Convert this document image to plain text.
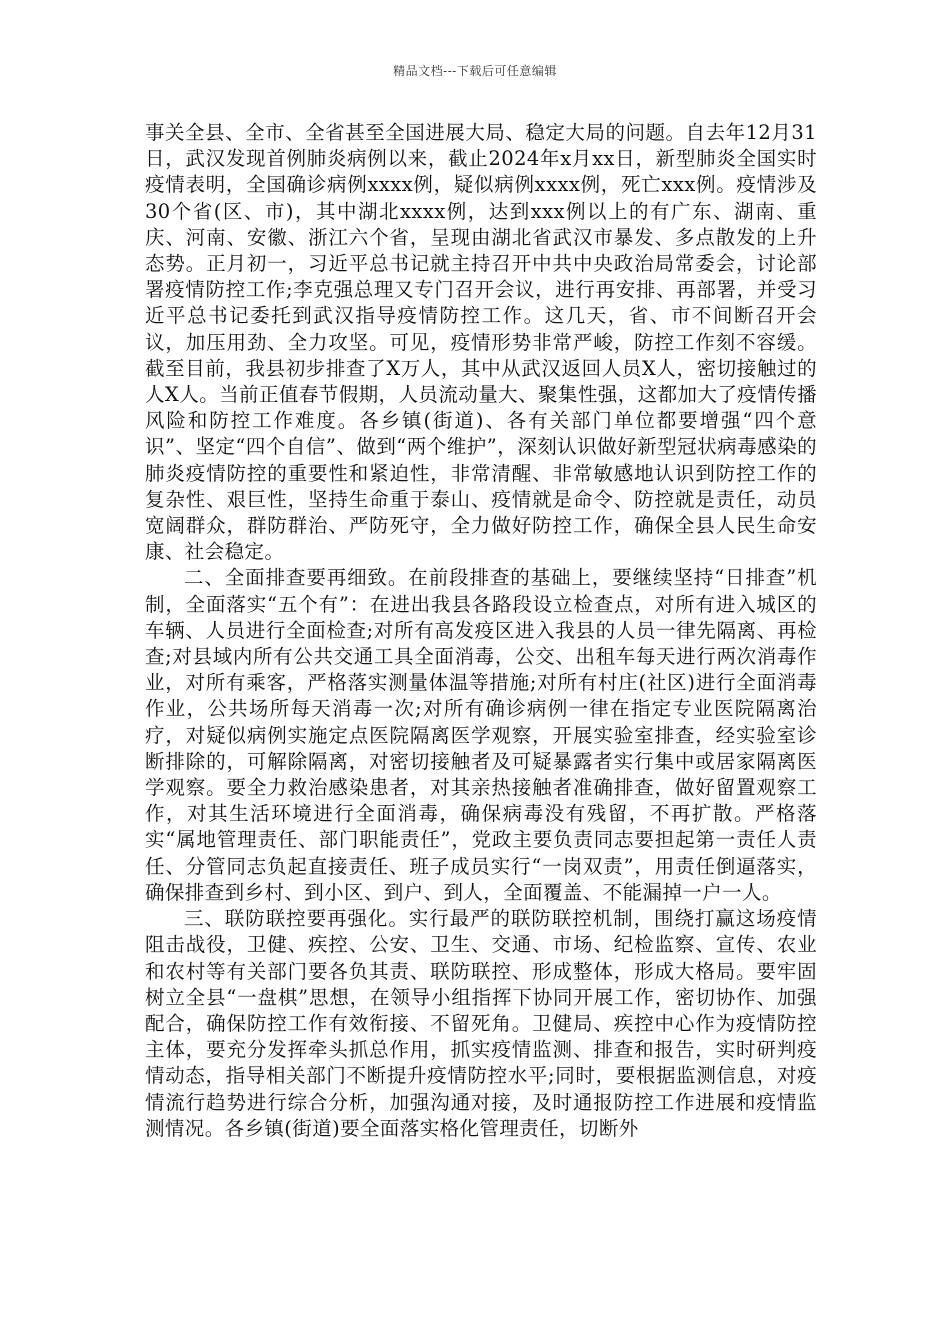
精品文档---下载后可任意编辑

事关全县、全市、全省甚至全国进展大局、稳定大局的问题。自去年12月31日，武汉发现首例肺炎病例以来，截止2024年x月xx日，新型肺炎全国实时疫情表明，全国确诊病例xxxx例，疑似病例xxxx例，死亡xxx例。疫情涉及30个省(区、市)，其中湖北xxxx例，达到xxx例以上的有广东、湖南、重庆、河南、安徽、浙江六个省，呈现由湖北省武汉市暴发、多点散发的上升态势。正月初一，习近平总书记就主持召开中共中央政治局常委会，讨论部署疫情防控工作;李克强总理又专门召开会议，进行再安排、再部署，并受习近平总书记委托到武汉指导疫情防控工作。这几天，省、市不间断召开会议，加压用劲、全力攻坚。可见，疫情形势非常严峻，防控工作刻不容缓。截至目前，我县初步排查了X万人，其中从武汉返回人员X人，密切接触过的人X人。当前正值春节假期，人员流动量大、聚集性强，这都加大了疫情传播风险和防控工作难度。各乡镇(街道)、各有关部门单位都要增强“四个意识”、坚定“四个自信”、做到“两个维护”，深刻认识做好新型冠状病毒感染的肺炎疫情防控的重要性和紧迫性，非常清醒、非常敏感地认识到防控工作的复杂性、艰巨性，坚持生命重于泰山、疫情就是命令、防控就是责任，动员宽阔群众，群防群治、严防死守，全力做好防控工作，确保全县人民生命安康、社会稳定。

二、全面排查要再细致。在前段排查的基础上，要继续坚持“日排查”机制，全面落实“五个有”：在进出我县各路段设立检查点，对所有进入城区的车辆、人员进行全面检查;对所有高发疫区进入我县的人员一律先隔离、再检查;对县域内所有公共交通工具全面消毒，公交、出租车每天进行两次消毒作业，对所有乘客，严格落实测量体温等措施;对所有村庄(社区)进行全面消毒作业，公共场所每天消毒一次;对所有确诊病例一律在指定专业医院隔离治疗，对疑似病例实施定点医院隔离医学观察，开展实验室排查，经实验室诊断排除的，可解除隔离，对密切接触者及可疑暴露者实行集中或居家隔离医学观察。要全力救治感染患者，对其亲热接触者准确排查，做好留置观察工作，对其生活环境进行全面消毒，确保病毒没有残留，不再扩散。严格落实“属地管理责任、部门职能责任”，党政主要负责同志要担起第一责任人责任、分管同志负起直接责任、班子成员实行“一岗双责”，用责任倒逼落实，确保排查到乡村、到小区、到户、到人，全面覆盖、不能漏掉一户一人。

三、联防联控要再强化。实行最严的联防联控机制，围绕打赢这场疫情阻击战役，卫健、疾控、公安、卫生、交通、市场、纪检监察、宣传、农业和农村等有关部门要各负其责、联防联控、形成整体，形成大格局。要牢固树立全县“一盘棋”思想，在领导小组指挥下协同开展工作，密切协作、加强配合，确保防控工作有效衔接、不留死角。卫健局、疾控中心作为疫情防控主体，要充分发挥牵头抓总作用，抓实疫情监测、排查和报告，实时研判疫情动态，指导相关部门不断提升疫情防控水平;同时，要根据监测信息，对疫情流行趋势进行综合分析，加强沟通对接，及时通报防控工作进展和疫情监测情况。各乡镇(街道)要全面落实格化管理责任，切断外
